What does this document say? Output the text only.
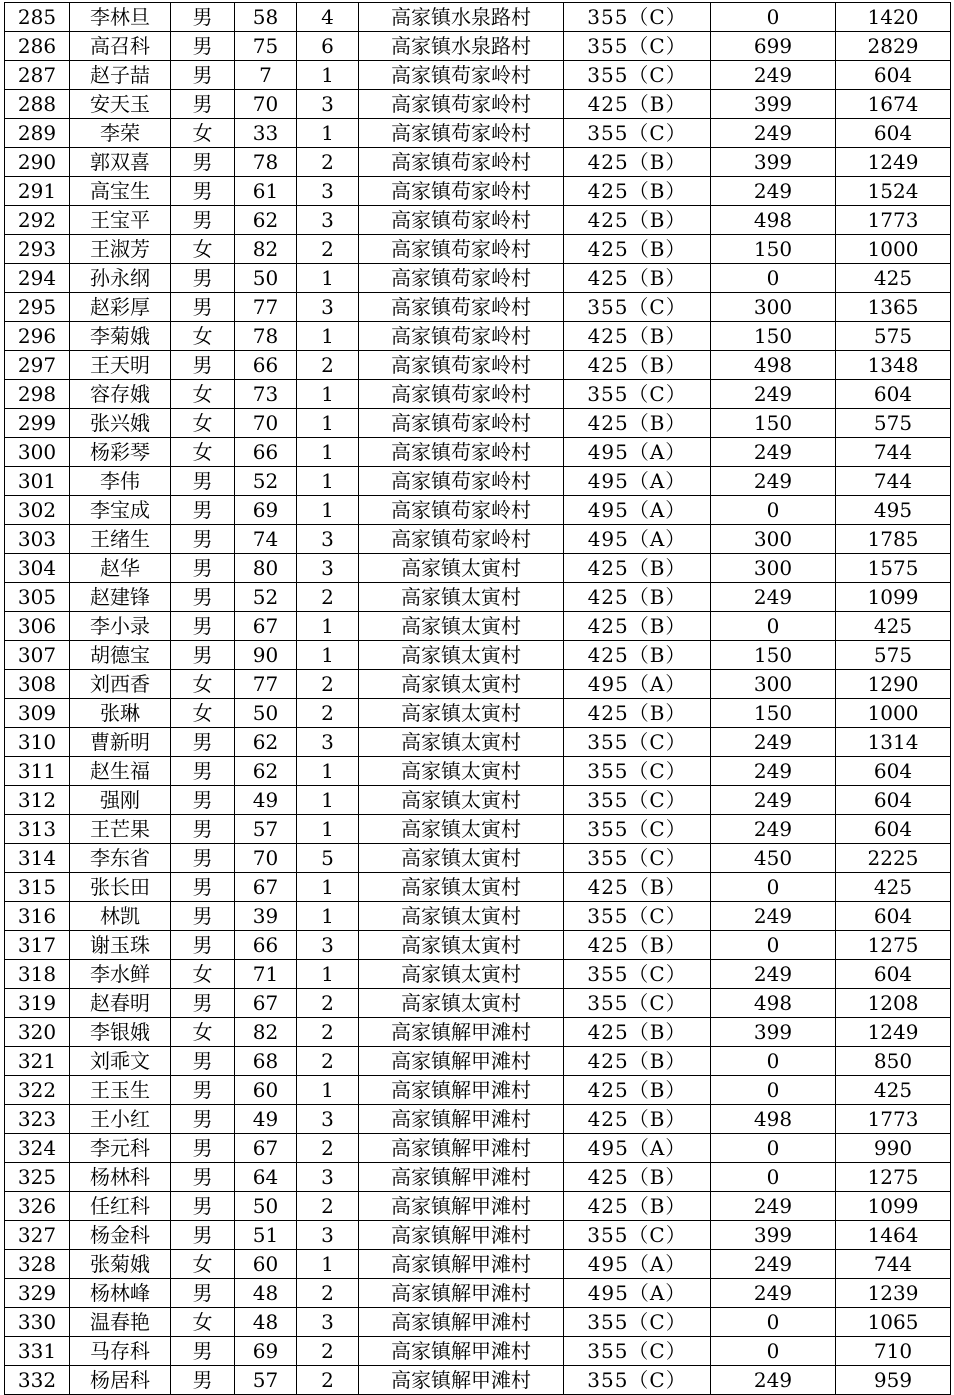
285	李林旦	男	58	4	高家镇水泉路村	355（C）	0	1420
286	高召科	男	75	6	高家镇水泉路村	355（C）	699	2829
287	赵子喆	男	7	1	高家镇苟家岭村	355（C）	249	604
288	安天玉	男	70	3	高家镇苟家岭村	425（B）	399	1674
289	李荣	女	33	1	高家镇苟家岭村	355（C）	249	604
290	郭双喜	男	78	2	高家镇苟家岭村	425（B）	399	1249
291	高宝生	男	61	3	高家镇苟家岭村	425（B）	249	1524
292	王宝平	男	62	3	高家镇苟家岭村	425（B）	498	1773
293	王淑芳	女	82	2	高家镇苟家岭村	425（B）	150	1000
294	孙永纲	男	50	1	高家镇苟家岭村	425（B）	0	425
295	赵彩厚	男	77	3	高家镇苟家岭村	355（C）	300	1365
296	李菊娥	女	78	1	高家镇苟家岭村	425（B）	150	575
297	王天明	男	66	2	高家镇苟家岭村	425（B）	498	1348
298	容存娥	女	73	1	高家镇苟家岭村	355（C）	249	604
299	张兴娥	女	70	1	高家镇苟家岭村	425（B）	150	575
300	杨彩琴	女	66	1	高家镇苟家岭村	495（A）	249	744
301	李伟	男	52	1	高家镇苟家岭村	495（A）	249	744
302	李宝成	男	69	1	高家镇苟家岭村	495（A）	0	495
303	王绪生	男	74	3	高家镇苟家岭村	495（A）	300	1785
304	赵华	男	80	3	高家镇太寅村	425（B）	300	1575
305	赵建锋	男	52	2	高家镇太寅村	425（B）	249	1099
306	李小录	男	67	1	高家镇太寅村	425（B）	0	425
307	胡德宝	男	90	1	高家镇太寅村	425（B）	150	575
308	刘西香	女	77	2	高家镇太寅村	495（A）	300	1290
309	张琳	女	50	2	高家镇太寅村	425（B）	150	1000
310	曹新明	男	62	3	高家镇太寅村	355（C）	249	1314
311	赵生福	男	62	1	高家镇太寅村	355（C）	249	604
312	强刚	男	49	1	高家镇太寅村	355（C）	249	604
313	王芒果	男	57	1	高家镇太寅村	355（C）	249	604
314	李东省	男	70	5	高家镇太寅村	355（C）	450	2225
315	张长田	男	67	1	高家镇太寅村	425（B）	0	425
316	林凯	男	39	1	高家镇太寅村	355（C）	249	604
317	谢玉珠	男	66	3	高家镇太寅村	425（B）	0	1275
318	李水鲜	女	71	1	高家镇太寅村	355（C）	249	604
319	赵春明	男	67	2	高家镇太寅村	355（C）	498	1208
320	李银娥	女	82	2	高家镇解甲滩村	425（B）	399	1249
321	刘乖文	男	68	2	高家镇解甲滩村	425（B）	0	850
322	王玉生	男	60	1	高家镇解甲滩村	425（B）	0	425
323	王小红	男	49	3	高家镇解甲滩村	425（B）	498	1773
324	李元科	男	67	2	高家镇解甲滩村	495（A）	0	990
325	杨林科	男	64	3	高家镇解甲滩村	425（B）	0	1275
326	任红科	男	50	2	高家镇解甲滩村	425（B）	249	1099
327	杨金科	男	51	3	高家镇解甲滩村	355（C）	399	1464
328	张菊娥	女	60	1	高家镇解甲滩村	495（A）	249	744
329	杨林峰	男	48	2	高家镇解甲滩村	495（A）	249	1239
330	温春艳	女	48	3	高家镇解甲滩村	355（C）	0	1065
331	马存科	男	69	2	高家镇解甲滩村	355（C）	0	710
332	杨居科	男	57	2	高家镇解甲滩村	355（C）	249	959
